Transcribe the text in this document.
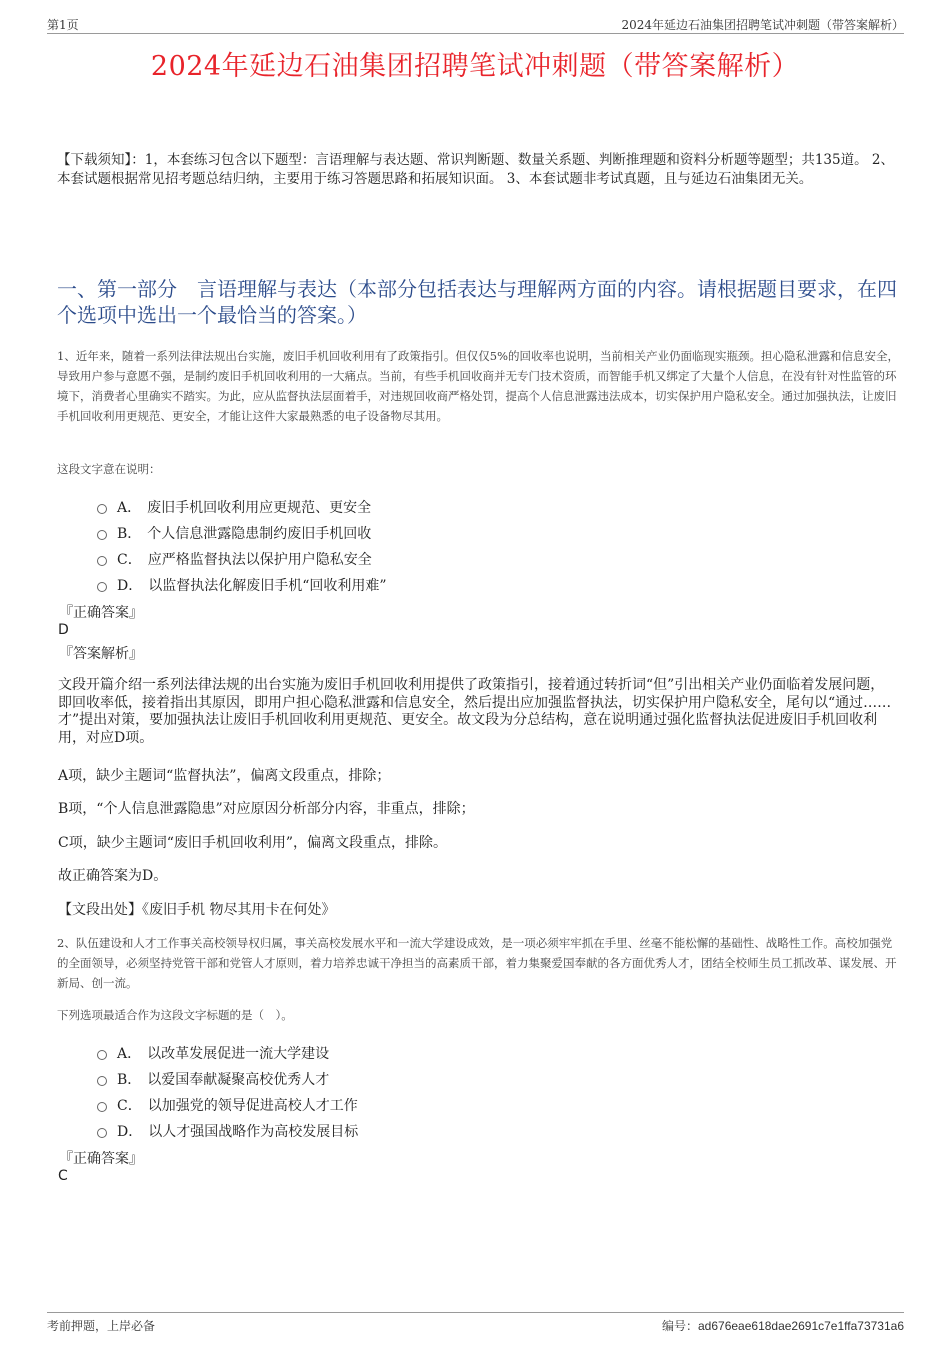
第1页	2024年延边石油集团招聘笔试冲刺题（带答案解析）
2024年延边石油集团招聘笔试冲刺题（带答案解析）
【下载须知】：1，本套练习包含以下题型：言语理解与表达题、常识判断题、数量关系题、判断推理题和资料分析题等题型；共135道。 2、本套试题根据常见招考题总结归纳，主要用于练习答题思路和拓展知识面。 3、本套试题非考试真题，且与延边石油集团无关。
一、第一部分　言语理解与表达（本部分包括表达与理解两方面的内容。请根据题目要求，在四个选项中选出一个最恰当的答案。）
1、近年来，随着一系列法律法规出台实施，废旧手机回收利用有了政策指引。但仅仅5%的回收率也说明，当前相关产业仍面临现实瓶颈。担心隐私泄露和信息安全，导致用户参与意愿不强，是制约废旧手机回收利用的一大痛点。当前，有些手机回收商并无专门技术资质，而智能手机又绑定了大量个人信息，在没有针对性监管的环境下，消费者心里确实不踏实。为此，应从监督执法层面着手，对违规回收商严格处罚，提高个人信息泄露违法成本，切实保护用户隐私安全。通过加强执法，让废旧手机回收利用更规范、更安全，才能让这件大家最熟悉的电子设备物尽其用。
这段文字意在说明：
A． 废旧手机回收利用应更规范、更安全
B． 个人信息泄露隐患制约废旧手机回收
C． 应严格监督执法以保护用户隐私安全
D． 以监督执法化解废旧手机“回收利用难”
『正确答案』
D
『答案解析』
文段开篇介绍一系列法律法规的出台实施为废旧手机回收利用提供了政策指引，接着通过转折词“但”引出相关产业仍面临着发展问题，即回收率低，接着指出其原因，即用户担心隐私泄露和信息安全，然后提出应加强监督执法，切实保护用户隐私安全，尾句以“通过……才”提出对策，要加强执法让废旧手机回收利用更规范、更安全。故文段为分总结构，意在说明通过强化监督执法促进废旧手机回收利用，对应D项。
A项，缺少主题词“监督执法”，偏离文段重点，排除；
B项，“个人信息泄露隐患”对应原因分析部分内容，非重点，排除；
C项，缺少主题词“废旧手机回收利用”，偏离文段重点，排除。
故正确答案为D。
【文段出处】《废旧手机 物尽其用卡在何处》
2、队伍建设和人才工作事关高校领导权归属，事关高校发展水平和一流大学建设成效，是一项必须牢牢抓在手里、丝毫不能松懈的基础性、战略性工作。高校加强党的全面领导，必须坚持党管干部和党管人才原则，着力培养忠诚干净担当的高素质干部，着力集聚爱国奉献的各方面优秀人才，团结全校师生员工抓改革、谋发展、开新局、创一流。
下列选项最适合作为这段文字标题的是（　）。
A． 以改革发展促进一流大学建设
B． 以爱国奉献凝聚高校优秀人才
C． 以加强党的领导促进高校人才工作
D． 以人才强国战略作为高校发展目标
『正确答案』
C
考前押题，上岸必备	编号：ad676eae618dae2691c7e1ffa73731a6
